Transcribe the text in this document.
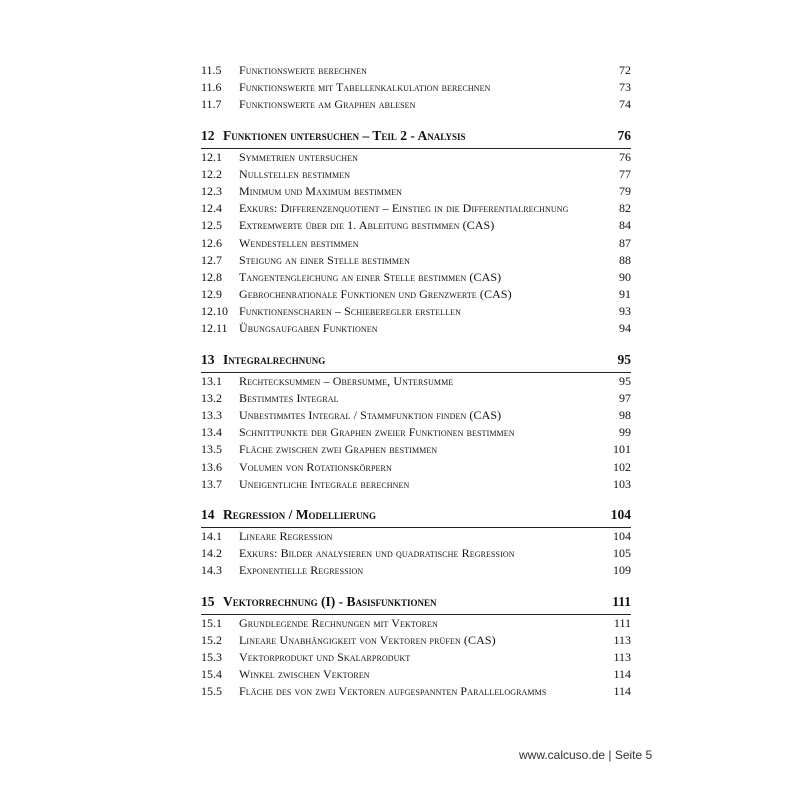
11.5 Funktionswerte berechnen	72
11.6 Funktionswerte mit Tabellenkalkulation berechnen	73
11.7 Funktionswerte am Graphen ablesen	74
12 Funktionen untersuchen – Teil 2 - Analysis	76
12.1 Symmetrien untersuchen	76
12.2 Nullstellen bestimmen	77
12.3 Minimum und Maximum bestimmen	79
12.4 Exkurs: Differenzenquotient – Einstieg in die Differentialrechnung	82
12.5 Extremwerte über die 1. Ableitung bestimmen (CAS)	84
12.6 Wendestellen bestimmen	87
12.7 Steigung an einer Stelle bestimmen	88
12.8 Tangentengleichung an einer Stelle bestimmen (CAS)	90
12.9 Gebrochenrationale Funktionen und Grenzwerte (CAS)	91
12.10 Funktionenscharen – Schieberegler erstellen	93
12.11 Übungsaufgaben Funktionen	94
13 Integralrechnung	95
13.1 Rechtecksummen – Obersumme, Untersumme	95
13.2 Bestimmtes Integral	97
13.3 Unbestimmtes Integral / Stammfunktion finden (CAS)	98
13.4 Schnittpunkte der Graphen zweier Funktionen bestimmen	99
13.5 Fläche zwischen zwei Graphen bestimmen	101
13.6 Volumen von Rotationskörpern	102
13.7 Uneigentliche Integrale berechnen	103
14 Regression / Modellierung	104
14.1 Lineare Regression	104
14.2 Exkurs: Bilder analysieren und quadratische Regression	105
14.3 Exponentielle Regression	109
15 Vektorrechnung (I) - Basisfunktionen	111
15.1 Grundlegende Rechnungen mit Vektoren	111
15.2 Lineare Unabhängigkeit von Vektoren prüfen (CAS)	113
15.3 Vektorprodukt und Skalarprodukt	113
15.4 Winkel zwischen Vektoren	114
15.5 Fläche des von zwei Vektoren aufgespannten Parallelogramms	114
www.calcuso.de | Seite 5
